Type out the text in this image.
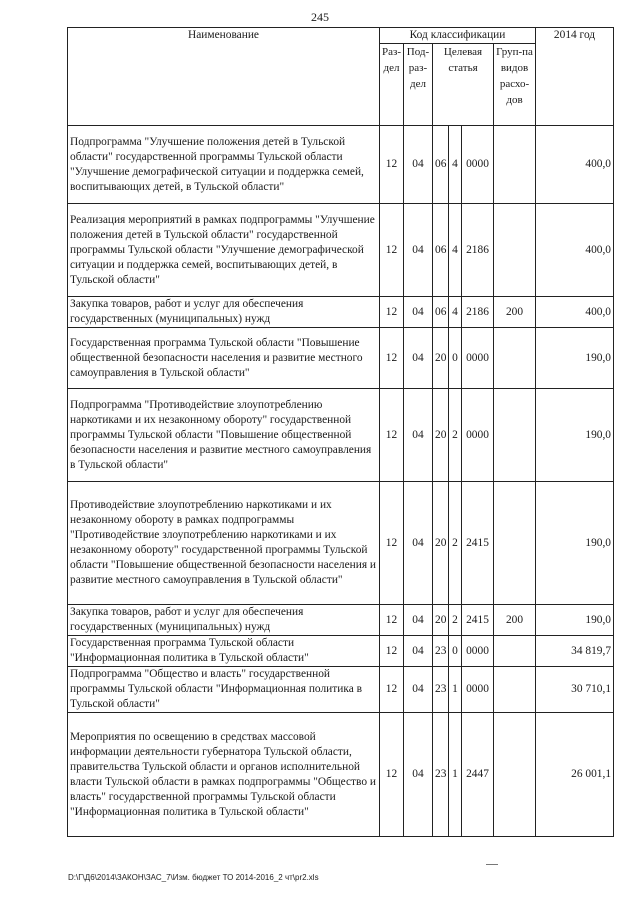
245
Наименование	Код классификации						2014 год
	Раз-дел	Под-раз-дел	Целевая статья			Груп-па видов расхо-дов	
Подпрограмма "Улучшение положения детей в Тульской области" государственной программы Тульской области "Улучшение демографической ситуации и поддержка семей, воспитывающих детей, в Тульской области"	12	04	06	4	0000		400,0
Реализация мероприятий в рамках подпрограммы "Улучшение положения детей в Тульской области" государственной программы Тульской области "Улучшение демографической ситуации и поддержка семей, воспитывающих детей, в Тульской области"	12	04	06	4	2186		400,0
Закупка товаров, работ и услуг для обеспечения государственных (муниципальных) нужд	12	04	06	4	2186	200	400,0
Государственная программа Тульской области "Повышение общественной безопасности населения и развитие местного самоуправления в Тульской области"	12	04	20	0	0000		190,0
Подпрограмма "Противодействие злоупотреблению наркотиками и их незаконному обороту" государственной программы Тульской области "Повышение общественной безопасности населения и развитие местного самоуправления в Тульской области"	12	04	20	2	0000		190,0
Противодействие злоупотреблению наркотиками и их незаконному обороту в рамках подпрограммы "Противодействие злоупотреблению наркотиками и их незаконному обороту" государственной программы Тульской области "Повышение общественной безопасности населения и развитие местного самоуправления в Тульской области"	12	04	20	2	2415		190,0
Закупка товаров, работ и услуг для обеспечения государственных (муниципальных) нужд	12	04	20	2	2415	200	190,0
Государственная программа Тульской области "Информационная политика в Тульской области"	12	04	23	0	0000		34 819,7
Подпрограмма "Общество и власть" государственной программы Тульской области "Информационная политика в Тульской области"	12	04	23	1	0000		30 710,1
Мероприятия по освещению в средствах массовой информации деятельности губернатора Тульской области, правительства Тульской области и органов исполнительной власти Тульской области в рамках подпрограммы "Общество и власть" государственной программы Тульской области "Информационная политика в Тульской области"	12	04	23	1	2447		26 001,1
D:\Г\Д6\2014\ЗАКОН\ЗАС_7\Изм. бюджет ТО 2014-2016_2 чт\pr2.xls
